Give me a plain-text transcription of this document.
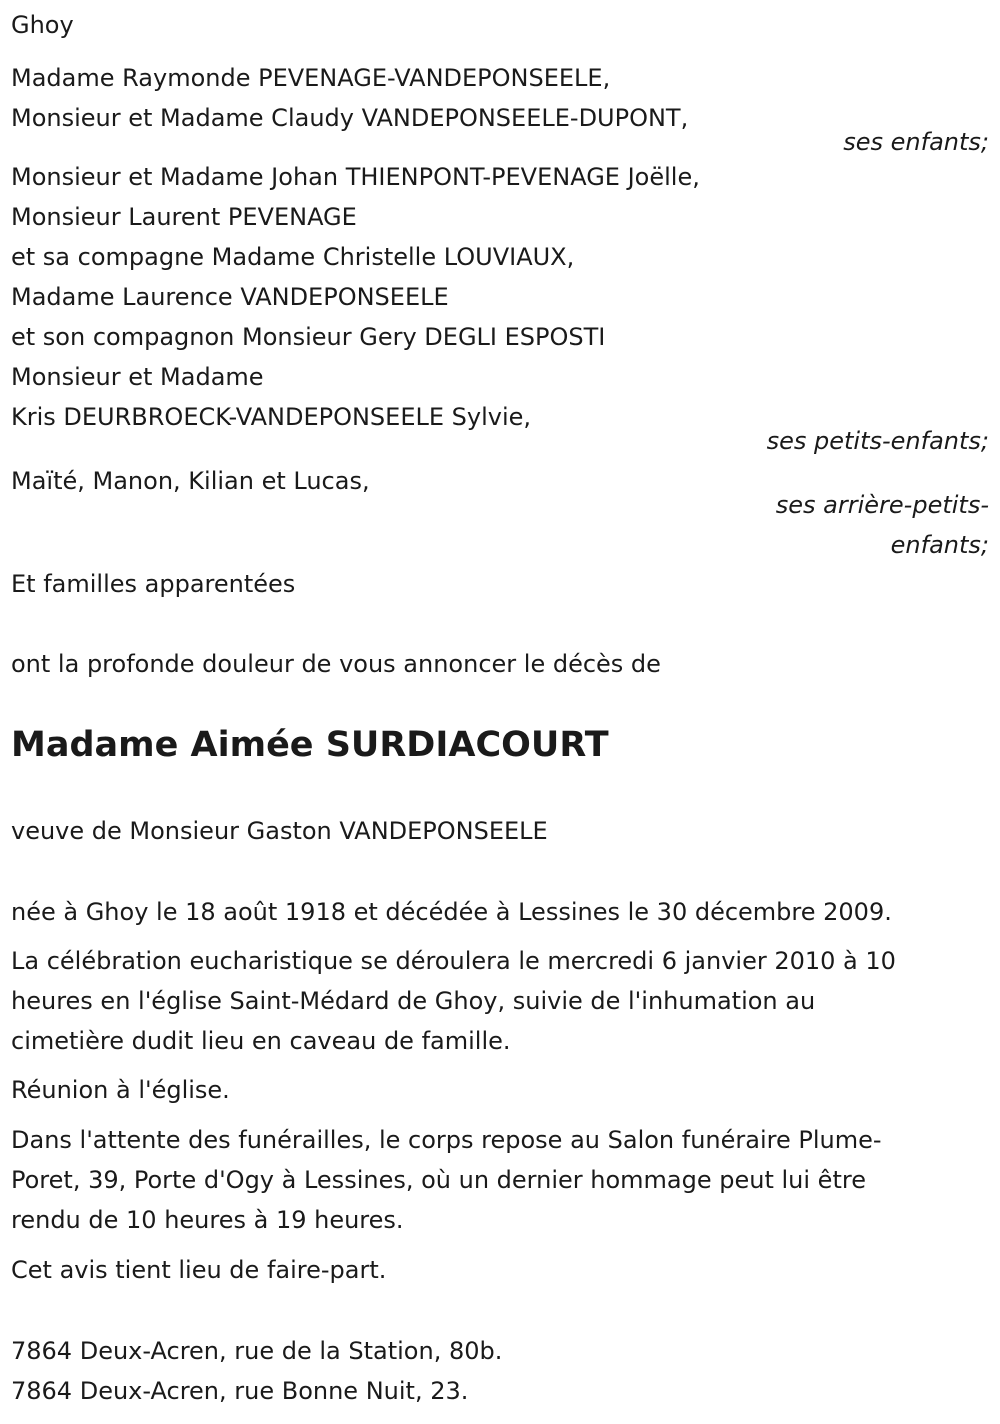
Ghoy
Madame Raymonde PEVENAGE-VANDEPONSEELE,
Monsieur et Madame Claudy VANDEPONSEELE-DUPONT,
ses enfants;
Monsieur et Madame Johan THIENPONT-PEVENAGE Joëlle,
Monsieur Laurent PEVENAGE
et sa compagne Madame Christelle LOUVIAUX,
Madame Laurence VANDEPONSEELE
et son compagnon Monsieur Gery DEGLI ESPOSTI
Monsieur et Madame
Kris DEURBROECK-VANDEPONSEELE Sylvie,
ses petits-enfants;
Maïté, Manon, Kilian et Lucas,
ses arrière-petits-
enfants;
Et familles apparentées
ont la profonde douleur de vous annoncer le décès de
Madame Aimée SURDIACOURT
veuve de Monsieur Gaston VANDEPONSEELE
née à Ghoy le 18 août 1918 et décédée à Lessines le 30 décembre 2009.
La célébration eucharistique se déroulera le mercredi 6 janvier 2010 à 10
heures en l'église Saint-Médard de Ghoy, suivie de l'inhumation au
cimetière dudit lieu en caveau de famille.
Réunion à l'église.
Dans l'attente des funérailles, le corps repose au Salon funéraire Plume-
Poret, 39, Porte d'Ogy à Lessines, où un dernier hommage peut lui être
rendu de 10 heures à 19 heures.
Cet avis tient lieu de faire-part.
7864 Deux-Acren, rue de la Station, 80b.
7864 Deux-Acren, rue Bonne Nuit, 23.
